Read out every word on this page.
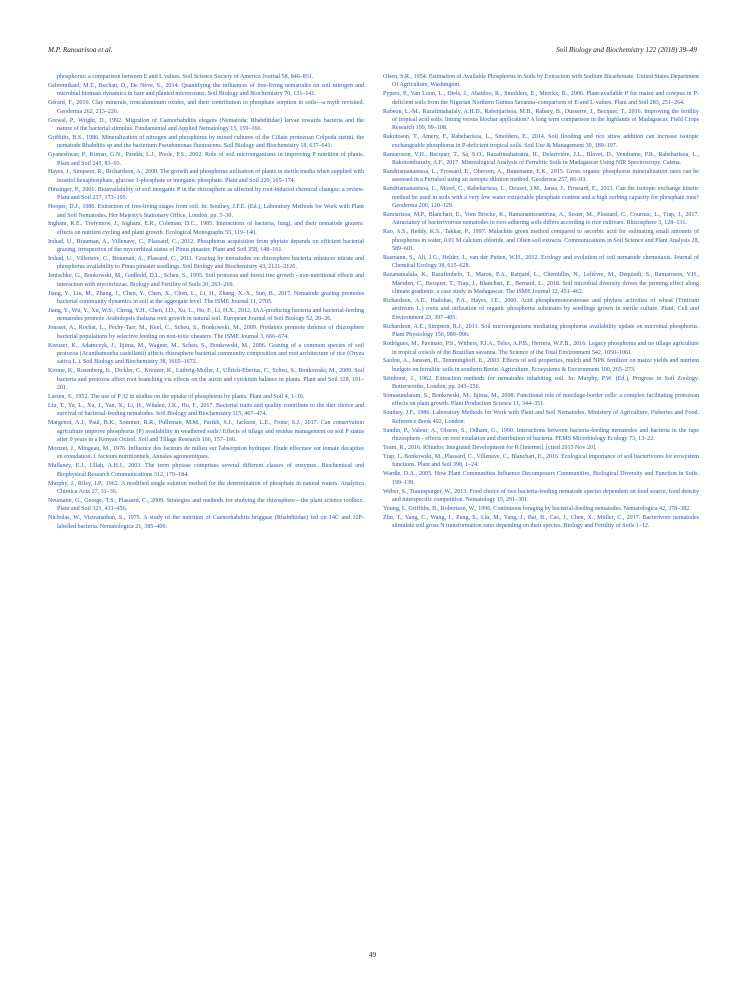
M.P. Ranoarisoa et al.	Soil Biology and Biochemistry 122 (2018) 39–49

phosphorus: a comparison between E and L values. Soil Science Society of America Journal 58, 846–851.

Gebremikael, M.T., Buchan, D., De Neve, S., 2014. Quantifying the influences of free-living nematodes on soil nitrogen and microbial biomass dynamics in bare and planted microcosms. Soil Biology and Biochemistry 70, 131–141.

Gérard, F., 2016. Clay minerals, iron/aluminum oxides, and their contribution to phosphate sorption in soils—a myth revisited. Geoderma 262, 213–226.

Grewal, P., Wright, D., 1992. Migration of Caenorhabditis elegans (Nematoda: Rhabditidae) larvae towards bacteria and the nature of the bacterial stimulus. Fundamental and Applied Nematology 15, 159–166.

Griffiths, B.S., 1986. Mineralization of nitrogen and phosphorus by mixed cultures of the Ciliate protozoan Colpoda steinii, the nematode Rhabditis sp and the bacterium Pseudomonas fluorescens. Soil Biology and Biochemistry 18, 637–641.

Gyaneshwar, P., Kumar, G.N., Parekh, L.J., Poole, P.S., 2002. Role of soil microorganisms in improving P nutrition of plants. Plant and Soil 245, 83–93.

Hayes, J., Simpson, R., Richardson, A., 2000. The growth and phosphorus utilisation of plants in sterile media when supplied with inositol hexaphosphate, glucose 1-phosphate or inorganic phosphate. Plant and Soil 220, 165–174.

Hinsinger, P., 2001. Bioavailability of soil inorganic P in the rhizosphere as affected by root-induced chemical changes: a review. Plant and Soil 237, 173–195.

Hooper, D.J., 1986. Extraction of free-living stages from soil. In: Southey, J.F.E. (Ed.), Laboratory Methods for Work with Plant and Soil Nematodes. Her Majesty's Stationary Office, London, pp. 5–30.

Ingham, R.E., Trofymow, J., Ingham, E.R., Coleman, D.C., 1985. Interactions of bacteria, fungi, and their nematode grazers: effects on nutrient cycling and plant growth. Ecological Monographs 55, 119–140.

Irshad, U., Brauman, A., Villenave, C., Plassard, C., 2012. Phosphorus acquisition from phytate depends on efficient bacterial grazing, irrespective of the mycorrhizal status of Pinus pinaster. Plant and Soil 358, 148–161.

Irshad, U., Villenave, C., Brauman, A., Plassard, C., 2011. Grazing by nematodes on rhizosphere bacteria enhances nitrate and phosphorus availability to Pinus pinaster seedlings. Soil Biology and Biochemistry 43, 2121–2126.

Jentschke, G., Bonkowski, M., Godbold, D.L., Scheu, S., 1995. Soil protozoa and forest tree growth - non-nutritional effects and interaction with mycorrhizae. Biology and Fertility of Soils 20, 263–269.

Jiang, Y., Liu, M., Zhang, J., Chen, Y., Chen, X., Chen, L., Li, H., Zhang, X.-X., Sun, B., 2017. Nematode grazing promotes bacterial community dynamics in soil at the aggregate level. The ISME Journal 11, 2705.

Jiang, Y., Wu, Y., Xu, W.S., Cheng, Y.H., Chen, J.D., Xu, L., Hu, F., Li, H.X., 2012. IAA-producing bacteria and bacterial-feeding nematodes promote Arabidopsis thaliana root growth in natural soil. European Journal of Soil Biology 52, 20–26.

Jousset, A., Rochat, L., Péchy-Tarr, M., Keel, C., Scheu, S., Bonkowski, M., 2009. Predators promote defence of rhizosphere bacterial populations by selective feeding on non-toxic cheaters. The ISME Journal 3, 666–674.

Kreuzer, K., Adamczyk, J., Iijima, M., Wagner, M., Scheu, S., Bonkowski, M., 2006. Grazing of a common species of soil protozoa (Acanthamoeba castellanii) affects rhizosphere bacterial community composition and root architecture of rice (Oryza sativa L.). Soil Biology and Biochemistry 38, 1665–1672.

Krome, K., Rosenberg, K., Dickler, C., Kreuzer, K., Ludwig-Muller, J., Ullrich-Eberius, C., Scheu, S., Bonkowski, M., 2009. Soil bacteria and protozoa affect root branching via effects on the auxin and cytokinin balance in plants. Plant and Soil 328, 191–201.

Larsen, S., 1952. The use of P 32 in studies on the uptake of phosphorus by plants. Plant and Soil 4, 1–10.

Liu, T., Yu, L., Xu, J., Yan, X., Li, H., Whalen, J.K., Hu, F., 2017. Bacterial traits and quality contribute to the diet choice and survival of bacterial-feeding nematodes. Soil Biology and Biochemistry 115, 467–474.

Margenot, A.J., Paul, B.K., Sommer, R.R., Pulleman, M.M., Parikh, S.J., Jackson, L.E., Fonte, S.J., 2017. Can conservation agriculture improve phosphorus (P) availability in weathered soils? Effects of tillage and residue management on soil P status after 9 years in a Kenyan Oxisol. Soil and Tillage Research 166, 157–166.

Morizet, J., Mingeau, M., 1976. Influence des facteurs de milieu sur l'absorption hydrique. Etude effectuee sur tomate decapitee en exsudation. i. facteurs nutritionnels, Annales agronomiques.

Mullaney, E.J., Ullah, A.H.J., 2003. The term phytase comprises several different classes of enzymes. Biochemical and Biophysical Research Communications 312, 179–184.

Murphy, J., Riley, J.P., 1962. A modified single solution method for the determination of phosphate in natural waters. Analytica Chimica Acta 27, 31–36.

Neumann, G., George, T.S., Plassard, C., 2009. Strategies and methods for studying the rhizosphere—the plant science toolbox. Plant and Soil 321, 431–456.

Nicholas, W., Viswanathan, S., 1975. A study of the nutrition of Caenorhabditis briggsae (Rhabditidae) fed on 14C and 32P-labelled bacteria. Nematologica 21, 385–400.

Olsen, S.R., 1954. Estimation of Available Phosphorus in Soils by Extraction with Sodium Bicarbonate. United States Department Of Agriculture, Washington.

Pypers, P., Van Loon, L., Diels, J., Abaidoo, R., Smolders, E., Merckx, R., 2006. Plant-available P for maize and cowpea in P-deficient soils from the Nigerian Northern Guinea Savanna–comparison of E-and L-values. Plant and Soil 283, 251–264.

Rabeon, L.-M., Razafimahafaly, A.H.D., Rabenjarisoa, M.B., Rabary, B., Dusserre, J., Becquer, T., 2016. Improving the fertility of tropical acid soils: liming versus biochar application? A long term comparison in the highlands of Madagascar. Field Crops Research 199, 99–108.

Rakotoson, T., Amery, F., Rabeharisoa, L., Smolders, E., 2014. Soil flooding and rice straw addition can increase isotopic exchangeable phosphorus in P-deficient tropical soils. Soil Use & Management 30, 189–197.

Ramaroson, V.H., Becquer, T., Sá, S.O., Razafimahatratra, H., Delarivière, J.L., Blavet, D., Vendrame, P.R., Rabeharisoa, L., Rakotondrazafy, A.F., 2017. Mineralogical Analysis of Ferralitic Soils in Madagascar Using NIR Spectroscopy. Catena.

Randriamanantsoa, L., Frossard, E., Oberson, A., Bunemann, E.K., 2015. Gross organic phosphorus mineralization rates can be assessed in a Ferralsol using an isotopic dilution method. Geoderma 257, 86–93.

Randriamanantsoa, L., Morel, C., Rabeharisoa, L., Douzet, J.M., Jansa, J., Frossard, E., 2013. Can the isotopic exchange kinetic method be used in soils with a very low water extractable phosphate content and a high sorbing capacity for phosphate ions? Geoderma 200, 120–129.

Ranoarisoa, M.P., Blanchart, E., Vom Brocke, K., Ramanantsoanirina, A., Sester, M., Plassard, C., Cournac, L., Trap, J., 2017. Attractancy of bacterivorous nematodes to root-adhering soils differs according to rice cultivars. Rhizosphere 3, 128–131.

Rao, A.S., Reddy, K.S., Takkar, P., 1997. Malachite green method compared to ascorbic acid for estimating small amounts of phosphorus in water, 0.01 M calcium chloride, and Olsen soil extracts. Communications in Soil Science and Plant Analysis 28, 589–601.

Rasmann, S., Ali, J.G., Helder, J., van der Putten, W.H., 2012. Ecology and evolution of soil nematode chemotaxis. Journal of Chemical Ecology 38, 615–628.

Razanamalala, K., Razafimbelo, T., Maron, P.A., Ranjard, L., Chemidlin, N., Lelièvre, M., Dequiedt, S., Ramaroson, V.H., Marsden, C., Becquer, T., Trap, J., Blanchart, E., Bernard, L., 2018. Soil microbial diversity drives the priming effect along climate gradients: a case study in Madagascar. The ISME Journal 12, 451–462.

Richardson, A.E., Hadobas, P.A., Hayes, J.E., 2000. Acid phosphomonoesterase and phytase activities of wheat (Triticum aestivum L.) roots and utilization of organic phosphorus substrates by seedlings grown in sterile culture. Plant, Cell and Environment 23, 397–405.

Richardson, A.E., Simpson, R.J., 2011. Soil microorganisms mediating phosphorus availability update on microbial phosphorus. Plant Physiology 156, 989–996.

Rodrigues, M., Pavinato, P.S., Withers, P.J.A., Teles, A.P.B., Herrera, W.F.B., 2016. Legacy phosphorus and no tillage agriculture in tropical oxisols of the Brazilian savanna. The Science of the Total Environment 542, 1050–1061.

Saidou, A., Janssen, B., Temminghoff, E., 2003. Effects of soil properties, mulch and NPK fertilizer on maize yields and nutrient budgets on ferralitic soils in southern Benin. Agriculture, Ecosystems & Environment 100, 265–273.

Seinhorst, J., 1962. Extraction methods for nematodes inhabiting soil. In: Murphy, P.W. (Ed.), Progress in Soil Zoology. Butterworths, London, pp. 243–256.

Somasundaram, S., Bonkowski, M., Iijima, M., 2008. Functional role of mucilage-border cells: a complex facilitating protozoan effects on plant growth. Plant Production Science 11, 344–351.

Southey, J.F., 1986. Laboratory Methods for Work with Plant and Soil Nematodes. Ministery of Agriculture, Fisheries and Food. Reference Book 402, London.

Sundin, P., Valeur, A., Olsson, S., Odham, G., 1990. Interactions between bacteria-feeding nematodes and bacteria in the rape rhizosphere - effects on root exudation and distribution of bacteria. FEMS Microbiology Ecology 73, 13–22.

Team, R., 2016. RStudio: Integrated Development for R [Internet]. [cited 2015 Nov 20].

Trap, J., Bonkowski, M., Plassard, C., Villenave, C., Blanchart, E., 2016. Ecological importance of soil bacterivores for ecosystem functions. Plant and Soil 398, 1–24.

Wardle, D.A., 2005. How Plant Communities Influence Decomposers Communities, Biological Diversity and Function in Soils. 199–139.

Weber, S., Traunspurger, W., 2013. Food choice of two bacteria-feeding nematode species dependent on food source, food density and interspecific competition. Nematology 15, 291–301.

Young, I., Griffiths, B., Robertson, W., 1996. Continuous foraging by bacterial-feeding nematodes. Nematologica 42, 378–382.

Zhu, T., Yang, C., Wang, J., Zeng, S., Liu, M., Yang, J., Bai, B., Cao, J., Chen, X., Müller, C., 2017. Bacterivore nematodes stimulate soil gross N transformation rates depending on their species. Biology and Fertility of Soils 1–12.

49
